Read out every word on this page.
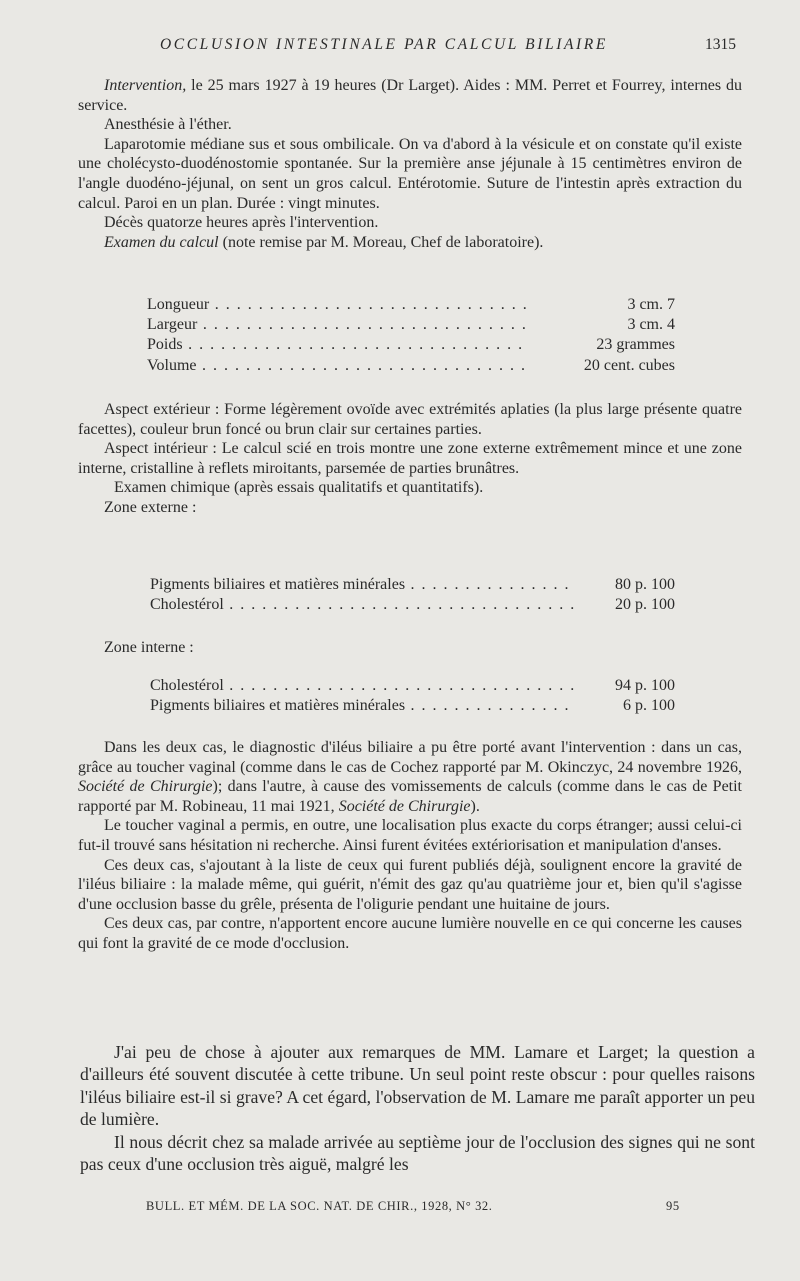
OCCLUSION INTESTINALE PAR CALCUL BILIAIRE	1315

Intervention, le 25 mars 1927 à 19 heures (Dr Larget). Aides : MM. Perret et Fourrey, internes du service.

Anesthésie à l'éther.

Laparotomie médiane sus et sous ombilicale. On va d'abord à la vésicule et on constate qu'il existe une cholécysto-duodénostomie spontanée. Sur la première anse jéjunale à 15 centimètres environ de l'angle duodéno-jéjunal, on sent un gros calcul. Entérotomie. Suture de l'intestin après extraction du calcul. Paroi en un plan. Durée : vingt minutes.

Décès quatorze heures après l'intervention.

Examen du calcul (note remise par M. Moreau, Chef de laboratoire).

Longueur . . .	3 cm. 7
Largeur . . .	3 cm. 4
Poids . . .	23 grammes
Volume . . .	20 cent. cubes

Aspect extérieur : Forme légèrement ovoïde avec extrémités aplaties (la plus large présente quatre facettes), couleur brun foncé ou brun clair sur certaines parties.

Aspect intérieur : Le calcul scié en trois montre une zone externe extrêmement mince et une zone interne, cristalline à reflets miroitants, parsemée de parties brunâtres.

Examen chimique (après essais qualitatifs et quantitatifs).

Zone externe :

Pigments biliaires et matières minérales . . .	80 p. 100
Cholestérol . . .	20 p. 100
Zone interne :
Cholestérol . . .	94 p. 100
Pigments biliaires et matières minérales . . .	6 p. 100

Dans les deux cas, le diagnostic d'iléus biliaire a pu être porté avant l'intervention : dans un cas, grâce au toucher vaginal (comme dans le cas de Cochez rapporté par M. Okinczyc, 24 novembre 1926, Société de Chirurgie); dans l'autre, à cause des vomissements de calculs (comme dans le cas de Petit rapporté par M. Robineau, 11 mai 1921, Société de Chirurgie).

Le toucher vaginal a permis, en outre, une localisation plus exacte du corps étranger; aussi celui-ci fut-il trouvé sans hésitation ni recherche. Ainsi furent évitées extériorisation et manipulation d'anses.

Ces deux cas, s'ajoutant à la liste de ceux qui furent publiés déjà, soulignent encore la gravité de l'iléus biliaire : la malade même, qui guérit, n'émit des gaz qu'au quatrième jour et, bien qu'il s'agisse d'une occlusion basse du grêle, présenta de l'oligurie pendant une huitaine de jours.

Ces deux cas, par contre, n'apportent encore aucune lumière nouvelle en ce qui concerne les causes qui font la gravité de ce mode d'occlusion.

J'ai peu de chose à ajouter aux remarques de MM. Lamare et Larget; la question a d'ailleurs été souvent discutée à cette tribune. Un seul point reste obscur : pour quelles raisons l'iléus biliaire est-il si grave? A cet égard, l'observation de M. Lamare me paraît apporter un peu de lumière.

Il nous décrit chez sa malade arrivée au septième jour de l'occlusion des signes qui ne sont pas ceux d'une occlusion très aiguë, malgré les

BULL. ET MÉM. DE LA SOC. NAT. DE CHIR., 1928, N° 32.	95
